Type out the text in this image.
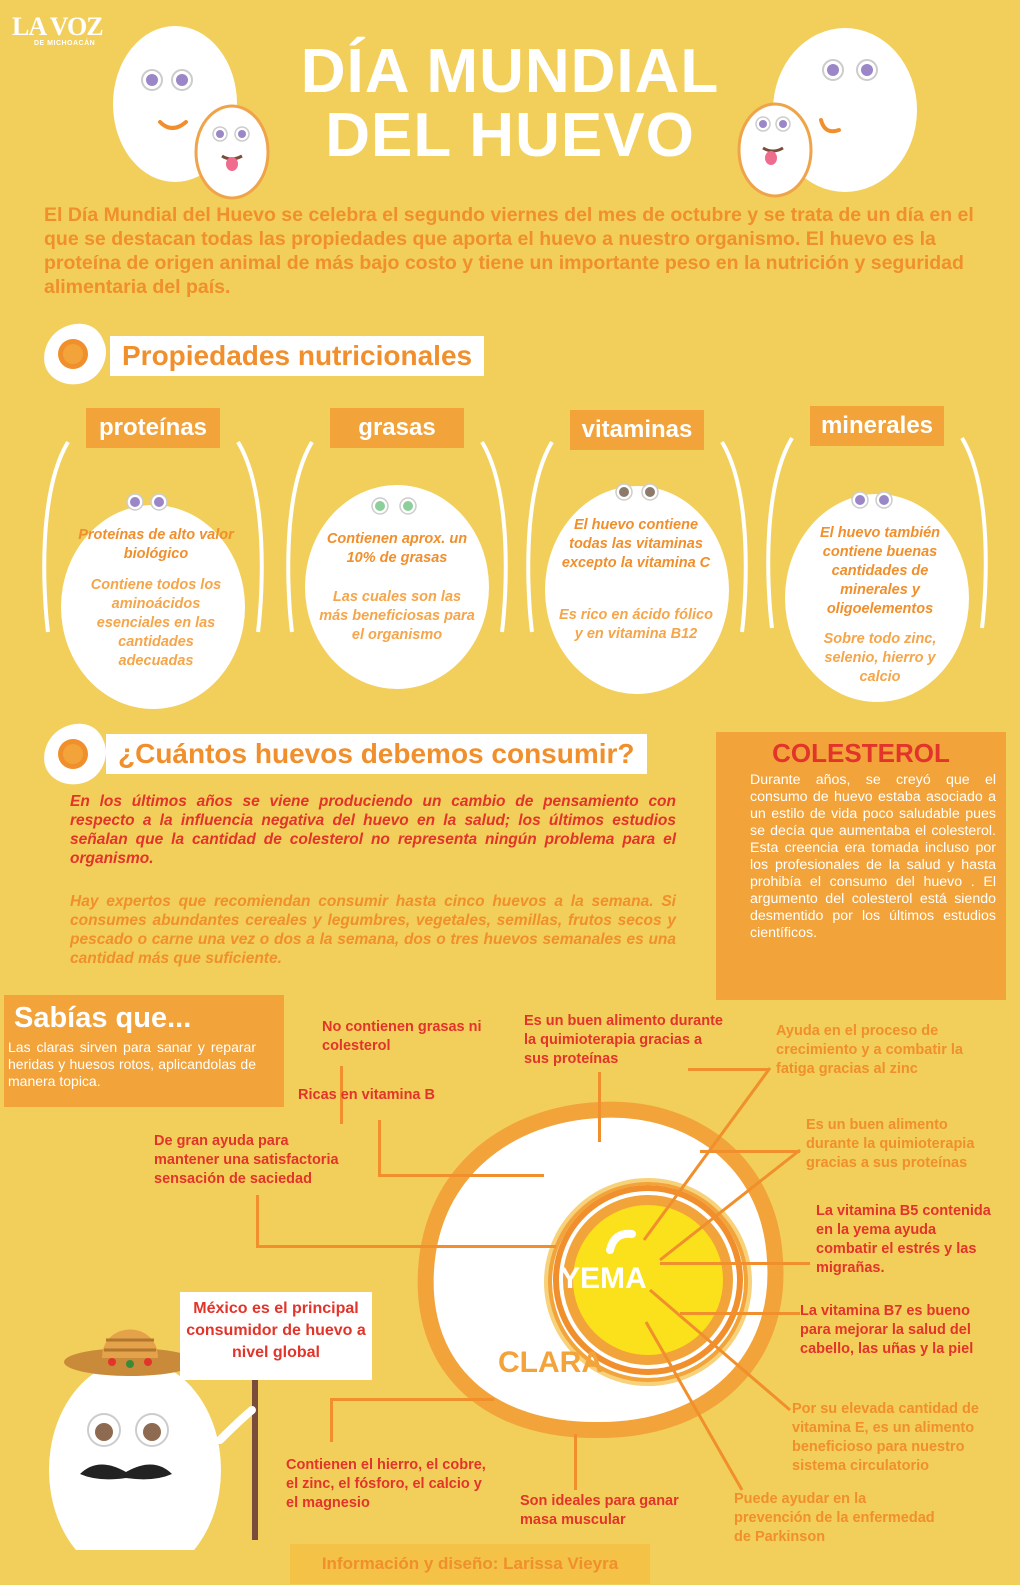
LA VOZ
DE MICHOACÁN	DÍA MUNDIAL
DEL HUEVO
El Día Mundial del Huevo se celebra el segundo viernes del mes de octubre y se trata de un día en el que se destacan todas las propiedades que aporta el huevo a nuestro organismo. El huevo es la proteína de origen animal de más bajo costo y tiene un importante peso en la nutrición y seguridad alimentaria del país.
Propiedades nutricionales
proteínas
Proteínas de alto valor biológico
Contiene todos los aminoácidos esenciales en las cantidades adecuadas
grasas
Contienen aprox. un 10% de grasas
Las cuales son las más beneficiosas para el organismo
vitaminas
El huevo contiene todas las vitaminas excepto la vitamina C
Es rico en ácido fólico y en vitamina B12
minerales
El huevo también contiene buenas cantidades de minerales y oligoelementos
Sobre todo zinc, selenio, hierro y calcio
¿Cuántos huevos debemos consumir?
En los últimos años se viene produciendo un cambio de pensamiento con respecto a la influencia negativa del huevo en la salud; los últimos estudios señalan que la cantidad de colesterol no representa ningún problema para el organismo.
Hay expertos que recomiendan consumir hasta cinco huevos a la semana. Si consumes abundantes cereales y legumbres, vegetales, semillas, frutos secos y pescado o carne una vez o dos a la semana, dos o tres huevos semanales es una cantidad más que suficiente.
COLESTEROL
Durante años, se creyó que el consumo de huevo estaba asociado a un estilo de vida poco saludable pues se decía que aumentaba el colesterol. Esta creencia era tomada incluso por los profesionales de la salud y hasta prohibía el consumo del huevo . El argumento del colesterol está siendo desmentido por los últimos estudios científicos.
Sabías que...
Las claras sirven para sanar y reparar heridas y huesos rotos, aplicandolas de manera topica.
YEMA
CLARA
No contienen grasas ni colesterol
Es un buen alimento durante la quimioterapia gracias a sus proteínas
Ayuda en el proceso de crecimiento y a combatir la fatiga gracias al zinc
Ricas en vitamina B
De gran ayuda para mantener una satisfactoria sensación de saciedad
Es un buen alimento durante la quimioterapia gracias a sus proteínas
La vitamina B5 contenida en la yema ayuda combatir el estrés y las migrañas.
La vitamina B7 es bueno para mejorar la salud del cabello, las uñas y la piel
Por su elevada cantidad de vitamina E, es un alimento beneficioso para nuestro sistema circulatorio
Contienen el hierro, el cobre, el zinc, el fósforo, el calcio y el magnesio	Son ideales para ganar masa muscular
Puede ayudar en la prevención de la enfermedad de Parkinson
México es el principal consumidor de huevo a nivel global
Información y diseño: Larissa Vieyra
